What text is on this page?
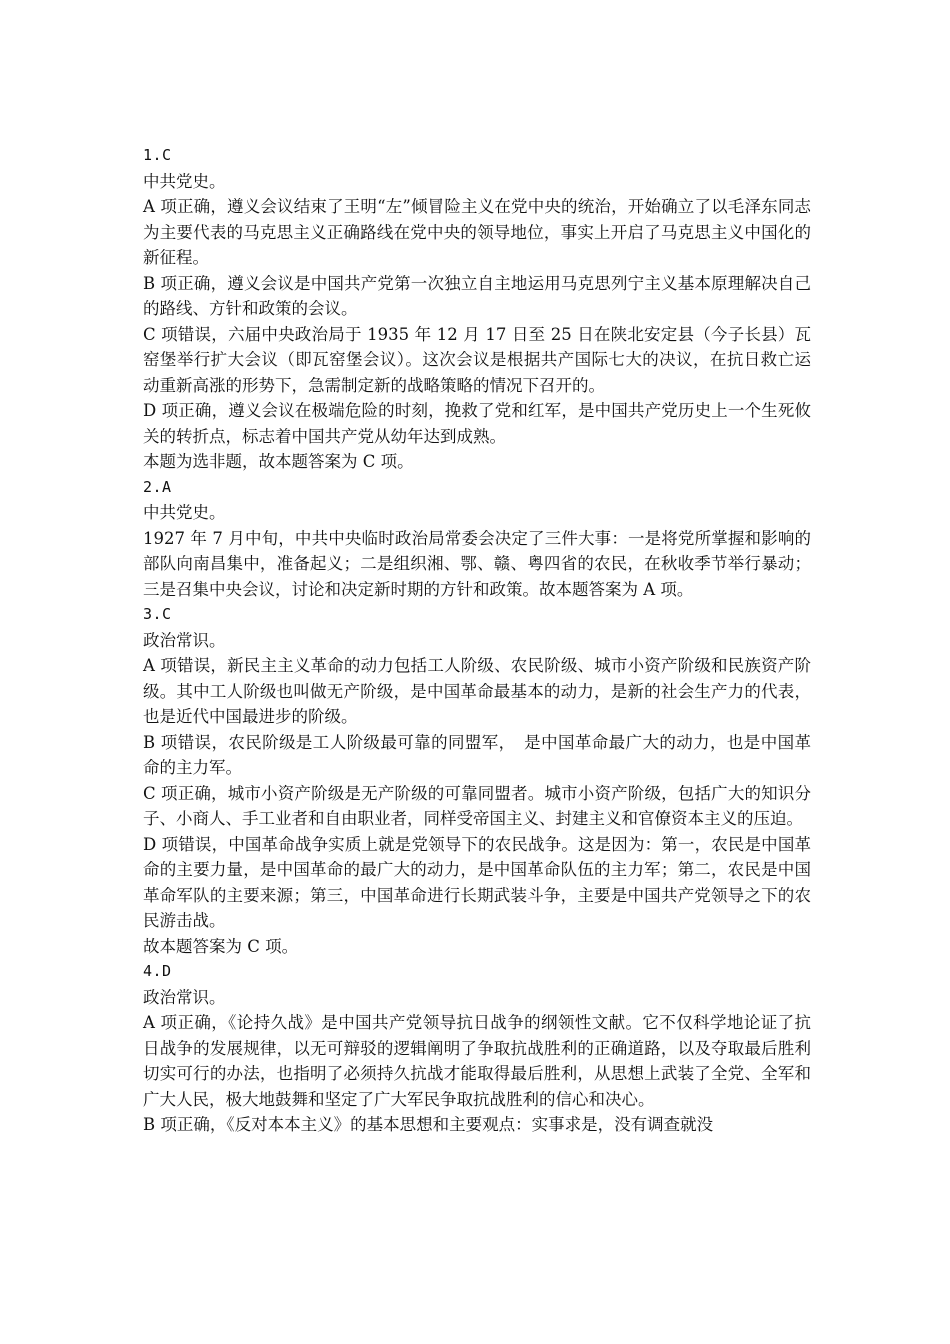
1.C

中共党史。

A 项正确，遵义会议结束了王明“左”倾冒险主义在党中央的统治，开始确立了以毛泽东同志为主要代表的马克思主义正确路线在党中央的领导地位，事实上开启了马克思主义中国化的新征程。

B 项正确，遵义会议是中国共产党第一次独立自主地运用马克思列宁主义基本原理解决自己的路线、方针和政策的会议。

C 项错误，六届中央政治局于 1935 年 12 月 17 日至 25 日在陕北安定县（今子长县）瓦窑堡举行扩大会议（即瓦窑堡会议）。这次会议是根据共产国际七大的决议，在抗日救亡运动重新高涨的形势下，急需制定新的战略策略的情况下召开的。

D 项正确，遵义会议在极端危险的时刻，挽救了党和红军，是中国共产党历史上一个生死攸关的转折点，标志着中国共产党从幼年达到成熟。

本题为选非题，故本题答案为 C 项。

2.A

中共党史。

1927 年 7 月中旬，中共中央临时政治局常委会决定了三件大事：一是将党所掌握和影响的部队向南昌集中，准备起义；二是组织湘、鄂、赣、粤四省的农民，在秋收季节举行暴动；三是召集中央会议，讨论和决定新时期的方针和政策。故本题答案为 A 项。

3.C

政治常识。

A 项错误，新民主主义革命的动力包括工人阶级、农民阶级、城市小资产阶级和民族资产阶级。其中工人阶级也叫做无产阶级，是中国革命最基本的动力，是新的社会生产力的代表，也是近代中国最进步的阶级。

B 项错误，农民阶级是工人阶级最可靠的同盟军，　是中国革命最广大的动力，也是中国革命的主力军。

C 项正确，城市小资产阶级是无产阶级的可靠同盟者。城市小资产阶级，包括广大的知识分子、小商人、手工业者和自由职业者，同样受帝国主义、封建主义和官僚资本主义的压迫。

D 项错误，中国革命战争实质上就是党领导下的农民战争。这是因为：第一，农民是中国革命的主要力量，是中国革命的最广大的动力，是中国革命队伍的主力军；第二，农民是中国革命军队的主要来源；第三，中国革命进行长期武装斗争，主要是中国共产党领导之下的农民游击战。

故本题答案为 C 项。

4.D

政治常识。

A 项正确，《论持久战》是中国共产党领导抗日战争的纲领性文献。它不仅科学地论证了抗日战争的发展规律，以无可辩驳的逻辑阐明了争取抗战胜利的正确道路，以及夺取最后胜利切实可行的办法，也指明了必须持久抗战才能取得最后胜利，从思想上武装了全党、全军和广大人民，极大地鼓舞和坚定了广大军民争取抗战胜利的信心和决心。

B 项正确，《反对本本主义》的基本思想和主要观点：实事求是，没有调查就没
